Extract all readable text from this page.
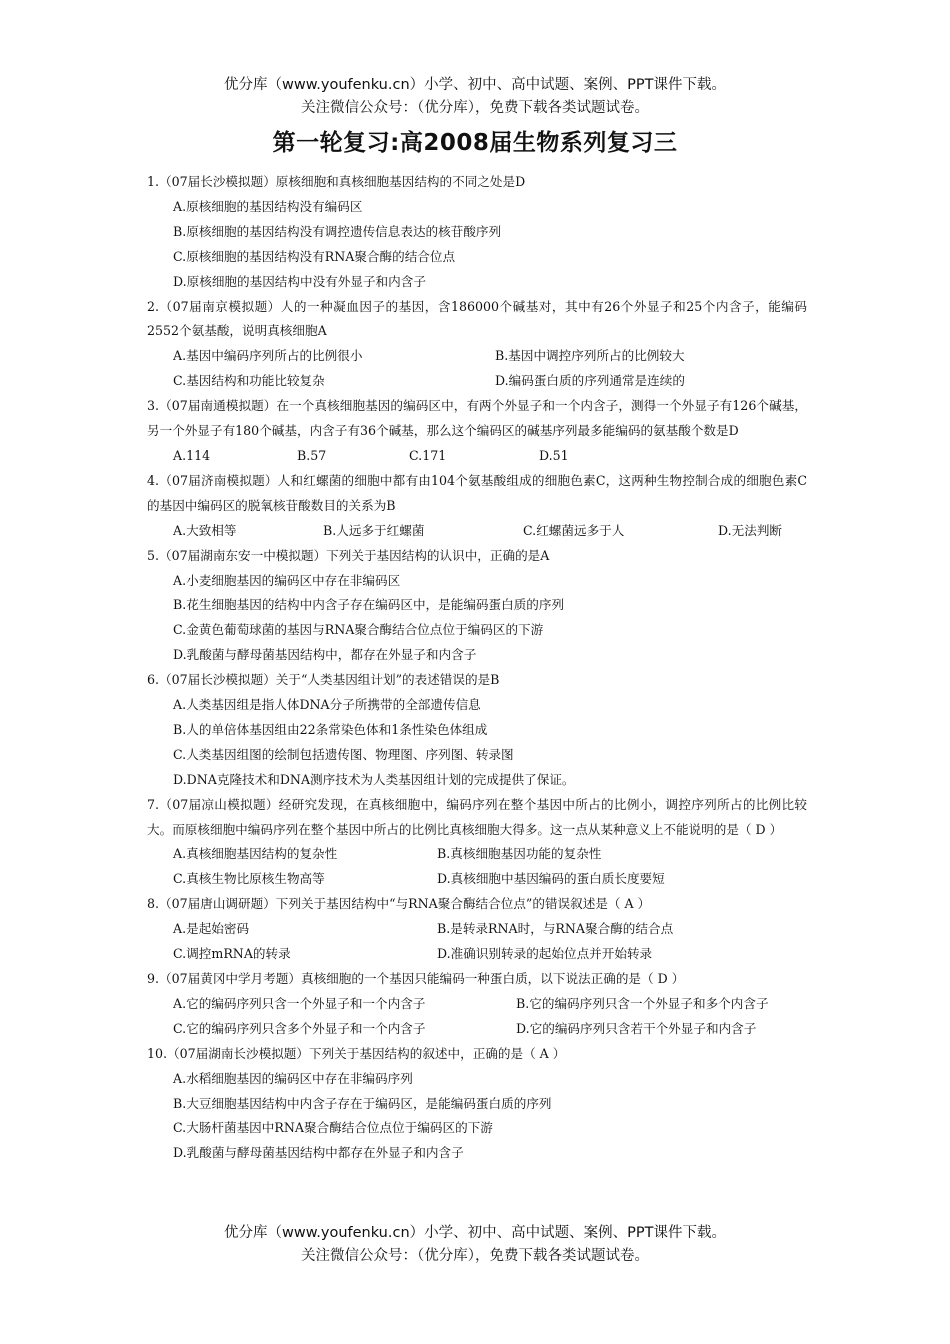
优分库（www.youfenku.cn）小学、初中、高中试题、案例、PPT课件下载。
关注微信公众号：（优分库），免费下载各类试题试卷。
第一轮复习:高2008届生物系列复习三

1.（07届长沙模拟题）原核细胞和真核细胞基因结构的不同之处是D

A.原核细胞的基因结构没有编码区
B.原核细胞的基因结构没有调控遗传信息表达的核苷酸序列
C.原核细胞的基因结构没有RNA聚合酶的结合位点
D.原核细胞的基因结构中没有外显子和内含子

2.（07届南京模拟题）人的一种凝血因子的基因，含186000个碱基对，其中有26个外显子和25个内含子，能编码2552个氨基酸，说明真核细胞A

A.基因中编码序列所占的比例很小	B.基因中调控序列所占的比例较大
C.基因结构和功能比较复杂	D.编码蛋白质的序列通常是连续的

3.（07届南通模拟题）在一个真核细胞基因的编码区中，有两个外显子和一个内含子，测得一个外显子有126个碱基，另一个外显子有180个碱基，内含子有36个碱基，那么这个编码区的碱基序列最多能编码的氨基酸个数是D

A.114	B.57	C.171	D.51

4.（07届济南模拟题）人和红螺菌的细胞中都有由104个氨基酸组成的细胞色素C，这两种生物控制合成的细胞色素C的基因中编码区的脱氧核苷酸数目的关系为B

A.大致相等	B.人远多于红螺菌	C.红螺菌远多于人	D.无法判断

5.（07届湖南东安一中模拟题）下列关于基因结构的认识中，正确的是A

A.小麦细胞基因的编码区中存在非编码区
B.花生细胞基因的结构中内含子存在编码区中，是能编码蛋白质的序列
C.金黄色葡萄球菌的基因与RNA聚合酶结合位点位于编码区的下游
D.乳酸菌与酵母菌基因结构中，都存在外显子和内含子

6.（07届长沙模拟题）关于“人类基因组计划”的表述错误的是B

A.人类基因组是指人体DNA分子所携带的全部遗传信息
B.人的单倍体基因组由22条常染色体和1条性染色体组成
C.人类基因组图的绘制包括遗传图、物理图、序列图、转录图
D.DNA克隆技术和DNA测序技术为人类基因组计划的完成提供了保证。

7.（07届凉山模拟题）经研究发现，在真核细胞中，编码序列在整个基因中所占的比例小，调控序列所占的比例比较大。而原核细胞中编码序列在整个基因中所占的比例比真核细胞大得多。这一点从某种意义上不能说明的是（ D ）

A.真核细胞基因结构的复杂性	B.真核细胞基因功能的复杂性
C.真核生物比原核生物高等	D.真核细胞中基因编码的蛋白质长度要短

8.（07届唐山调研题）下列关于基因结构中“与RNA聚合酶结合位点”的错误叙述是（ A ）

A.是起始密码	B.是转录RNA时，与RNA聚合酶的结合点
C.调控mRNA的转录	D.准确识别转录的起始位点并开始转录

9.（07届黄冈中学月考题）真核细胞的一个基因只能编码一种蛋白质，以下说法正确的是（ D ）

A.它的编码序列只含一个外显子和一个内含子	B.它的编码序列只含一个外显子和多个内含子
C.它的编码序列只含多个外显子和一个内含子	D.它的编码序列只含若干个外显子和内含子

10.（07届湖南长沙模拟题）下列关于基因结构的叙述中，正确的是（ A ）

A.水稻细胞基因的编码区中存在非编码序列
B.大豆细胞基因结构中内含子存在于编码区，是能编码蛋白质的序列
C.大肠杆菌基因中RNA聚合酶结合位点位于编码区的下游
D.乳酸菌与酵母菌基因结构中都存在外显子和内含子
优分库（www.youfenku.cn）小学、初中、高中试题、案例、PPT课件下载。
关注微信公众号：（优分库），免费下载各类试题试卷。
